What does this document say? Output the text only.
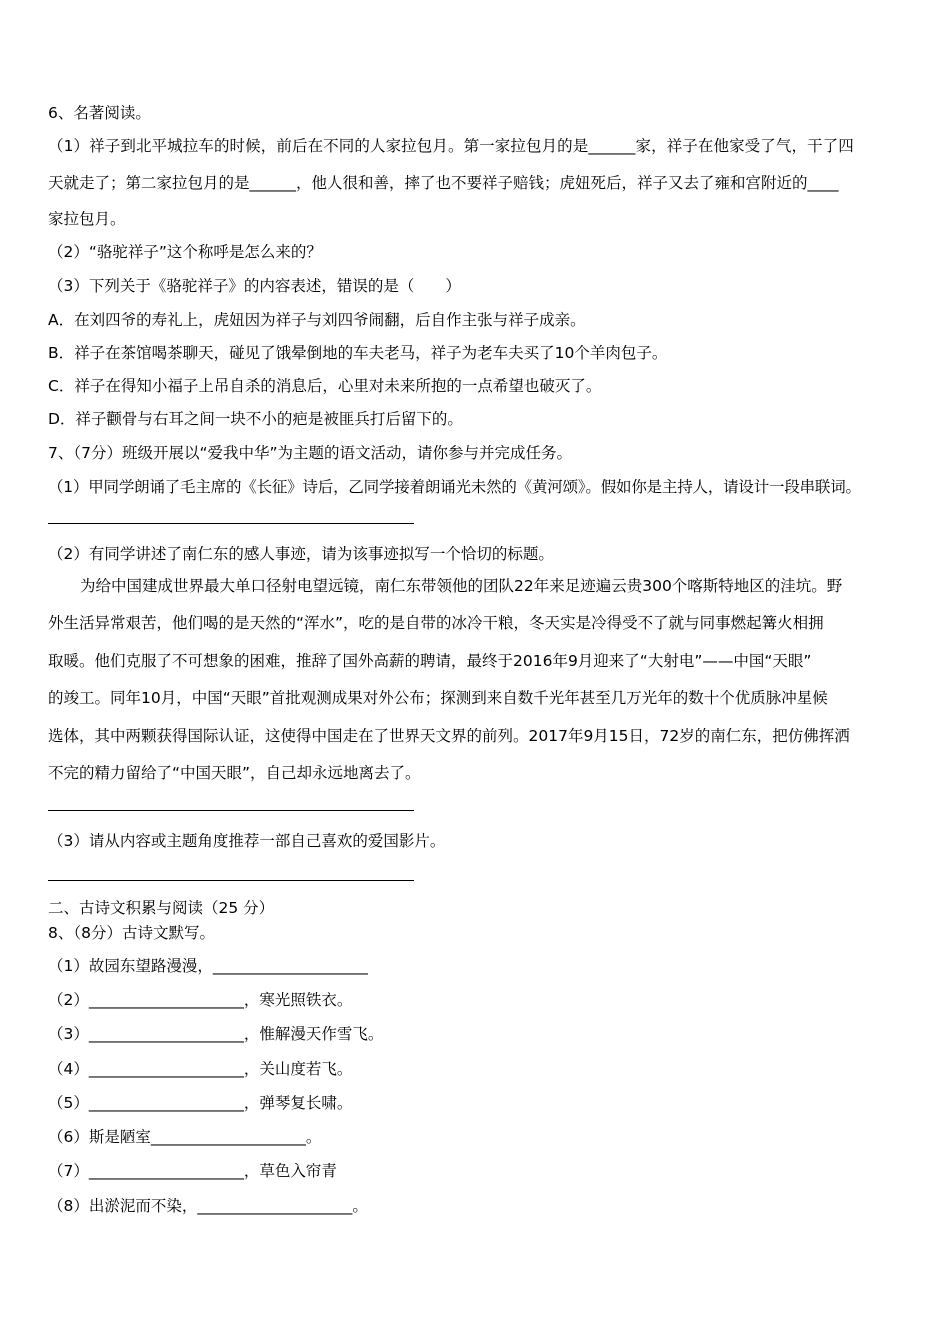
6、名著阅读。
（1）祥子到北平城拉车的时候，前后在不同的人家拉包月。第一家拉包月的是______家，祥子在他家受了气，干了四
天就走了；第二家拉包月的是______，他人很和善，摔了也不要祥子赔钱；虎妞死后，祥子又去了雍和宫附近的____
家拉包月。
（2）“骆驼祥子”这个称呼是怎么来的？
（3）下列关于《骆驼祥子》的内容表述，错误的是（　　）
A．在刘四爷的寿礼上，虎妞因为祥子与刘四爷闹翻，后自作主张与祥子成亲。
B．祥子在茶馆喝茶聊天，碰见了饿晕倒地的车夫老马，祥子为老车夫买了10个羊肉包子。
C．祥子在得知小福子上吊自杀的消息后，心里对未来所抱的一点希望也破灭了。
D．祥子颧骨与右耳之间一块不小的疤是被匪兵打后留下的。
7、（7分）班级开展以“爱我中华”为主题的语文活动，请你参与并完成任务。
（1）甲同学朗诵了毛主席的《长征》诗后，乙同学接着朗诵光未然的《黄河颂》。假如你是主持人，请设计一段串联词。
（2）有同学讲述了南仁东的感人事迹，请为该事迹拟写一个恰切的标题。
为给中国建成世界最大单口径射电望远镜，南仁东带领他的团队22年来足迹遍云贵300个喀斯特地区的洼坑。野
外生活异常艰苦，他们喝的是天然的“浑水”，吃的是自带的冰冷干粮，冬天实是冷得受不了就与同事燃起篝火相拥
取暖。他们克服了不可想象的困难，推辞了国外高薪的聘请，最终于2016年9月迎来了“大射电”——中国“天眼”
的竣工。同年10月，中国“天眼”首批观测成果对外公布；探测到来自数千光年甚至几万光年的数十个优质脉冲星候
选体，其中两颗获得国际认证，这使得中国走在了世界天文界的前列。2017年9月15日，72岁的南仁东，把仿佛挥洒
不完的精力留给了“中国天眼”，自己却永远地离去了。
（3）请从内容或主题角度推荐一部自己喜欢的爱国影片。
二、古诗文积累与阅读（25 分）
8、（8分）古诗文默写。
（1）故园东望路漫漫，____________________
（2）____________________，寒光照铁衣。
（3）____________________，惟解漫天作雪飞。
（4）____________________，关山度若飞。
（5）____________________，弹琴复长啸。
（6）斯是陋室____________________。
（7）____________________，草色入帘青
（8）出淤泥而不染，____________________。
